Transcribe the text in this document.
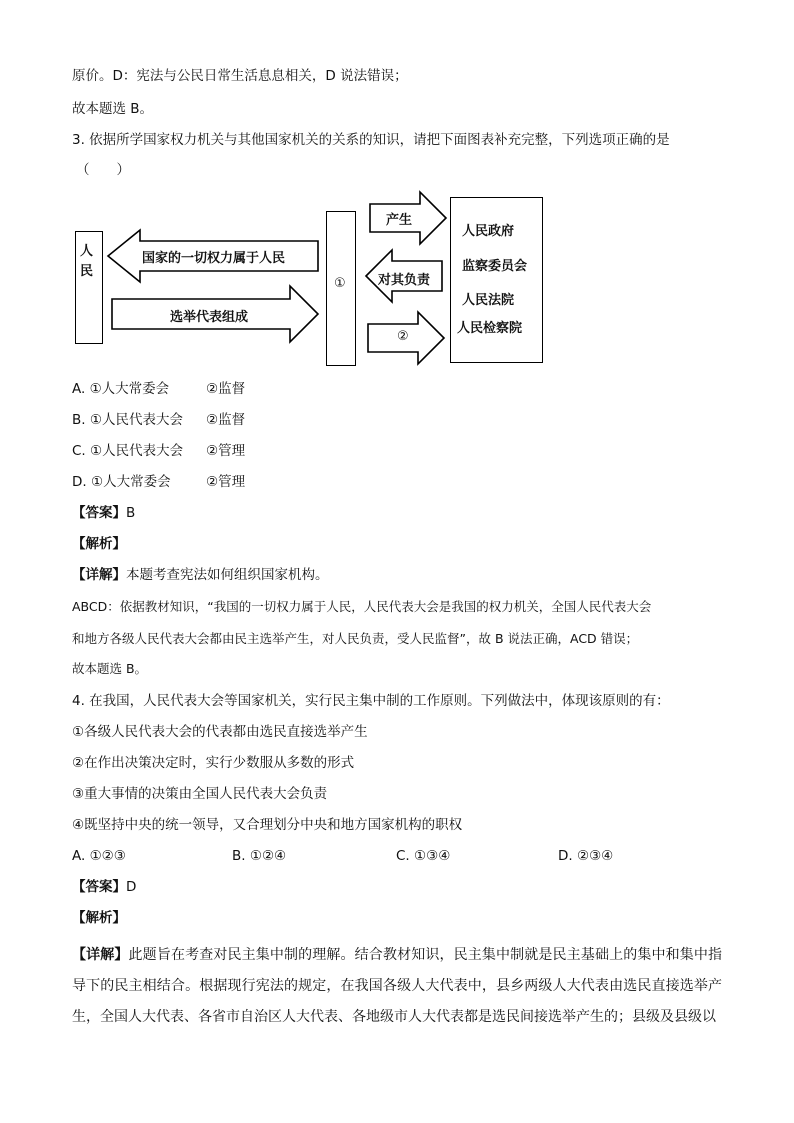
原价。D：宪法与公民日常生活息息相关，D 说法错误；
故本题选 B。
3. 依据所学国家权力机关与其他国家机关的关系的知识，请把下面图表补充完整，下列选项正确的是
（　　）
人民
①
人民政府
监察委员会
人民法院
人民检察院
国家的一切权力属于人民
选举代表组成
产生
对其负责
②
A. ①人大常委会	②监督
B. ①人民代表大会	②监督
C. ①人民代表大会	②管理
D. ①人大常委会	②管理
【答案】B
【解析】
【详解】本题考查宪法如何组织国家机构。
ABCD：依据教材知识，“我国的一切权力属于人民，人民代表大会是我国的权力机关，全国人民代表大会
和地方各级人民代表大会都由民主选举产生，对人民负责，受人民监督”，故 B 说法正确，ACD 错误；
故本题选 B。
4. 在我国，人民代表大会等国家机关，实行民主集中制的工作原则。下列做法中，体现该原则的有：
①各级人民代表大会的代表都由选民直接选举产生
②在作出决策决定时，实行少数服从多数的形式
③重大事情的决策由全国人民代表大会负责
④既坚持中央的统一领导，又合理划分中央和地方国家机构的职权
A. ①②③	B. ①②④	C. ①③④	D. ②③④
【答案】D
【解析】
【详解】此题旨在考查对民主集中制的理解。结合教材知识，民主集中制就是民主基础上的集中和集中指导下的民主相结合。根据现行宪法的规定，在我国各级人大代表中，县乡两级人大代表由选民直接选举产生，全国人大代表、各省市自治区人大代表、各地级市人大代表都是选民间接选举产生的；县级及县级以
